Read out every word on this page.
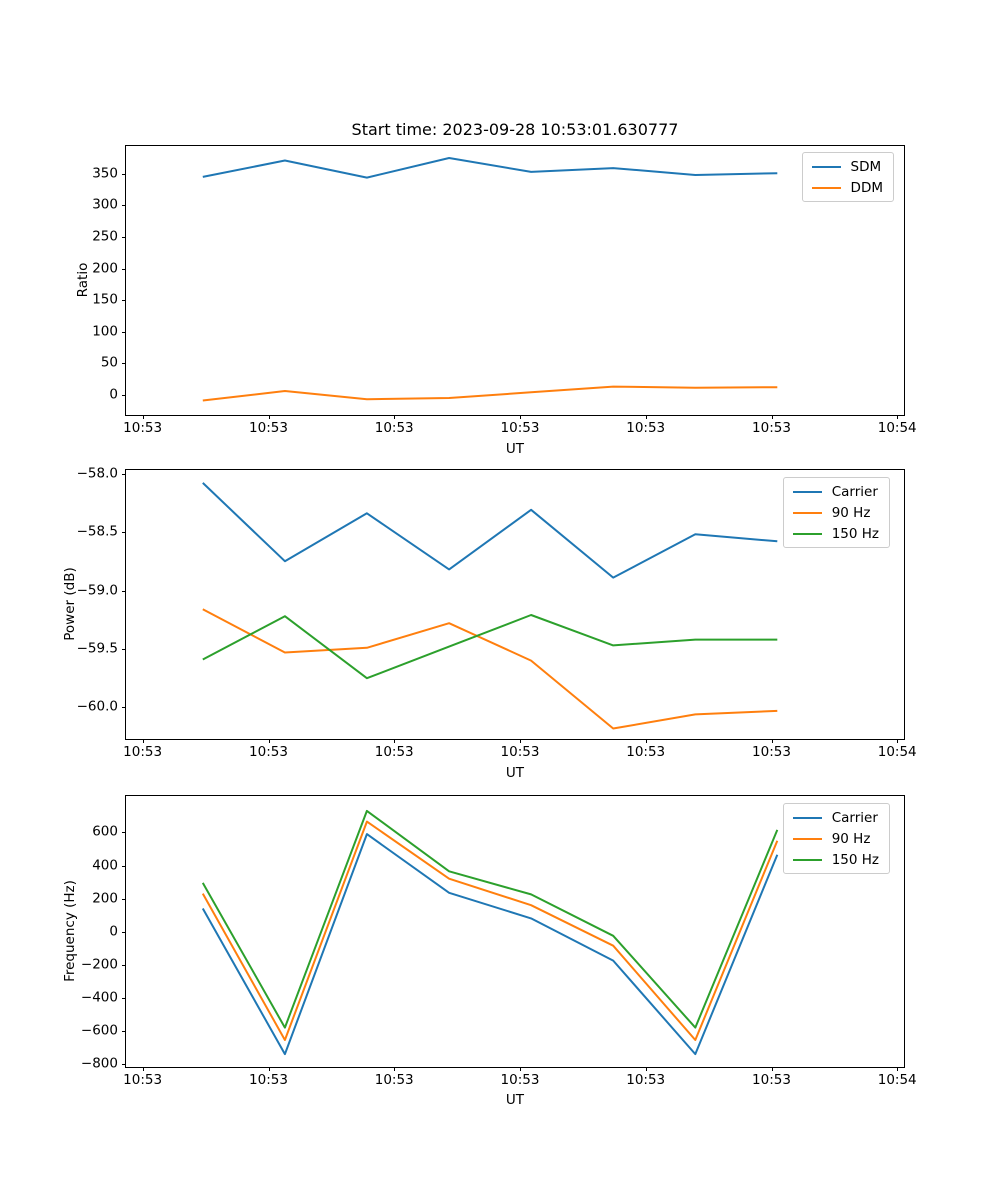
Start time: 2023-09-28 10:53:01.630777
SDM
DDM
10:53	10:53	10:53	10:53	10:53	10:53	10:54
0
50
100
150
200
250
300
350
Ratio
UT
Carrier
90 Hz
150 Hz
10:53	10:53	10:53	10:53	10:53	10:53	10:54
−58.0
−58.5
−59.0
−59.5
−60.0
Power (dB)
UT
Carrier
90 Hz
150 Hz
10:53	10:53	10:53	10:53	10:53	10:53	10:54
−800
−600
−400
−200
0
200
400
600
Frequency (Hz)
UT
